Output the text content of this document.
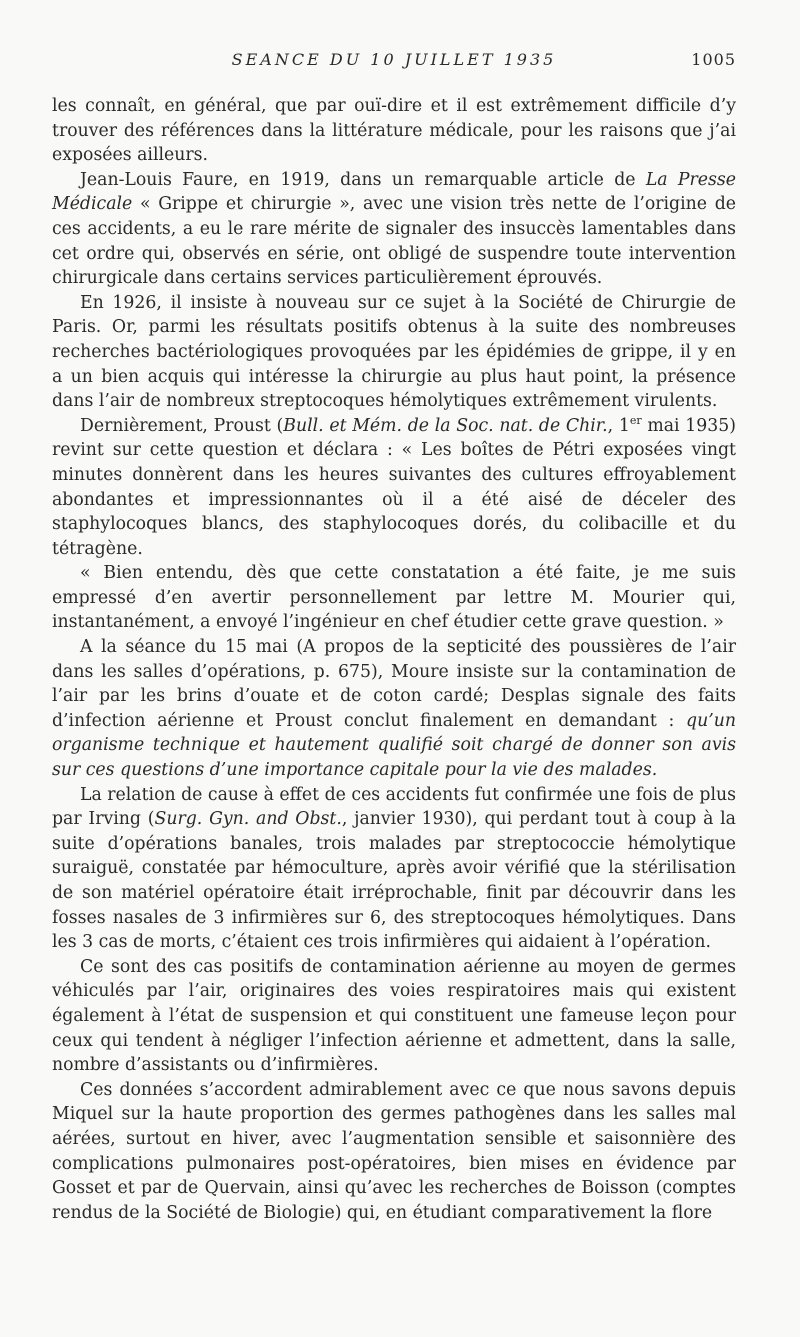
SEANCE DU 10 JUILLET 1935	1005

les connaît, en général, que par ouï-dire et il est extrêmement difficile d’y trouver des références dans la littérature médicale, pour les raisons que j’ai exposées ailleurs.

Jean-Louis Faure, en 1919, dans un remarquable article de La Presse Médicale « Grippe et chirurgie », avec une vision très nette de l’origine de ces accidents, a eu le rare mérite de signaler des insuccès lamentables dans cet ordre qui, observés en série, ont obligé de suspendre toute intervention chirurgicale dans certains services particulièrement éprouvés.

En 1926, il insiste à nouveau sur ce sujet à la Société de Chirurgie de Paris. Or, parmi les résultats positifs obtenus à la suite des nombreuses recherches bactériologiques provoquées par les épidémies de grippe, il y en a un bien acquis qui intéresse la chirurgie au plus haut point, la présence dans l’air de nombreux streptocoques hémolytiques extrêmement virulents.

Dernièrement, Proust (Bull. et Mém. de la Soc. nat. de Chir., 1er mai 1935) revint sur cette question et déclara : « Les boîtes de Pétri exposées vingt minutes donnèrent dans les heures suivantes des cultures effroyablement abondantes et impressionnantes où il a été aisé de déceler des staphylocoques blancs, des staphylocoques dorés, du colibacille et du tétragène.

« Bien entendu, dès que cette constatation a été faite, je me suis empressé d’en avertir personnellement par lettre M. Mourier qui, instantanément, a envoyé l’ingénieur en chef étudier cette grave question. »

A la séance du 15 mai (A propos de la septicité des poussières de l’air dans les salles d’opérations, p. 675), Moure insiste sur la contamination de l’air par les brins d’ouate et de coton cardé; Desplas signale des faits d’infection aérienne et Proust conclut finalement en demandant : qu’un organisme technique et hautement qualifié soit chargé de donner son avis sur ces questions d’une importance capitale pour la vie des malades.

La relation de cause à effet de ces accidents fut confirmée une fois de plus par Irving (Surg. Gyn. and Obst., janvier 1930), qui perdant tout à coup à la suite d’opérations banales, trois malades par streptococcie hémolytique suraiguë, constatée par hémoculture, après avoir vérifié que la stérilisation de son matériel opératoire était irréprochable, finit par découvrir dans les fosses nasales de 3 infirmières sur 6, des streptocoques hémolytiques. Dans les 3 cas de morts, c’étaient ces trois infirmières qui aidaient à l’opération.

Ce sont des cas positifs de contamination aérienne au moyen de germes véhiculés par l’air, originaires des voies respiratoires mais qui existent également à l’état de suspension et qui constituent une fameuse leçon pour ceux qui tendent à négliger l’infection aérienne et admettent, dans la salle, nombre d’assistants ou d’infirmières.

Ces données s’accordent admirablement avec ce que nous savons depuis Miquel sur la haute proportion des germes pathogènes dans les salles mal aérées, surtout en hiver, avec l’augmentation sensible et saisonnière des complications pulmonaires post-opératoires, bien mises en évidence par Gosset et par de Quervain, ainsi qu’avec les recherches de Boisson (comptes rendus de la Société de Biologie) qui, en étudiant comparativement la flore
